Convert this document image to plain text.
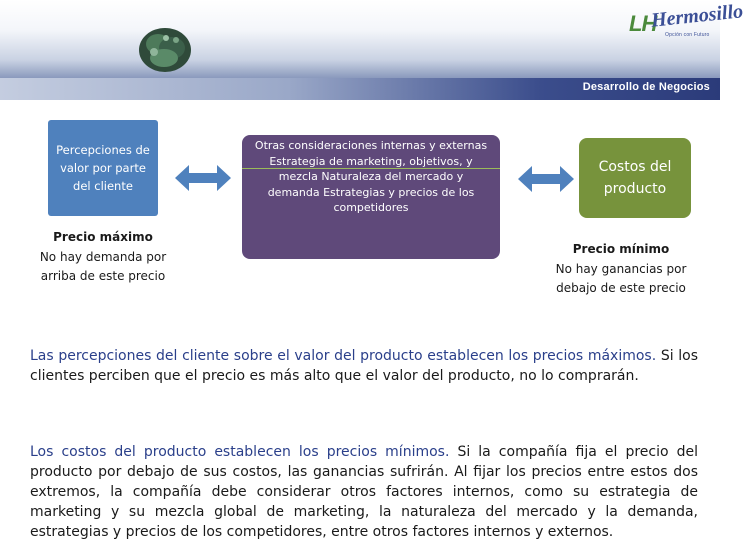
LH
Hermosillo
Opción con Futuro
Desarrollo de Negocios
Percepciones de valor por parte del cliente
Otras consideraciones internas y externas
Estrategia de marketing, objetivos, y mezcla Naturaleza del mercado y demanda Estrategias y precios de los competidores
Costos del producto
Precio máximo
No hay demanda por arriba de este precio
Precio mínimo
No hay ganancias por debajo de este precio

Las percepciones del cliente sobre el valor del producto establecen los precios máximos. Si los clientes perciben que el precio es más alto que el valor del producto, no lo comprarán.

Los costos del producto establecen los precios mínimos. Si la compañía fija el precio del producto por debajo de sus costos, las ganancias sufrirán. Al fijar los precios entre estos dos extremos, la compañía debe considerar otros factores internos, como su estrategia de marketing y su mezcla global de marketing, la naturaleza del mercado y la demanda, estrategias y precios de los competidores, entre otros factores internos y externos.
